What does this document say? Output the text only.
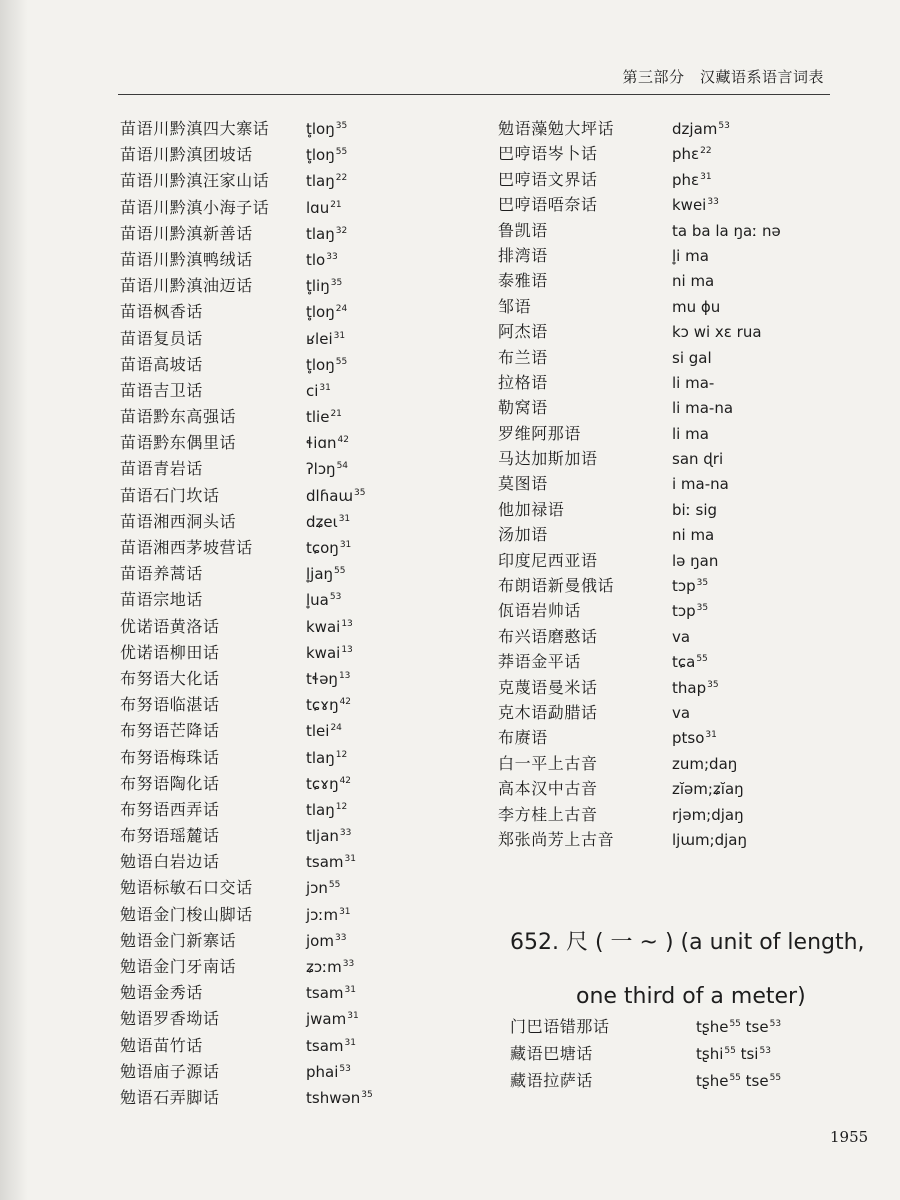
第三部分　汉藏语系语言词表
苗语川黔滇四大寨话	t̥loŋ$^{35}$
苗语川黔滇团坡话	t̥loŋ$^{55}$
苗语川黔滇汪家山话	tlaŋ$^{22}$
苗语川黔滇小海子话	lɑu$^{21}$
苗语川黔滇新善话	tlaŋ$^{32}$
苗语川黔滇鸭绒话	tlo$^{33}$
苗语川黔滇油迈话	t̥liŋ$^{35}$
苗语枫香话	t̥loŋ$^{24}$
苗语复员话	ʁlei$^{31}$
苗语高坡话	t̥loŋ$^{55}$
苗语吉卫话	$ci^{31}$
苗语黔东高强话	tlie$^{21}$
苗语黔东偶里话	ɬiɑn$^{42}$
苗语青岩话	ʔlɔŋ$^{54}$
苗语石门坎话	dlɦaɯ$^{35}$
苗语湘西洞头话	dʑeɩ$^{31}$
苗语湘西茅坡营话	tɕoŋ$^{31}$
苗语养蒿话	l̥jaŋ$^{55}$
苗语宗地话	$l̥ua^{53}$
优诺语黄洛话	kwai$^{13}$
优诺语柳田话	kwai$^{13}$
布努语大化话	tɬəŋ$^{13}$
布努语临湛话	tɕɤŋ$^{42}$
布努语芒降话	tlei$^{24}$
布努语梅珠话	tlaŋ$^{12}$
布努语陶化话	tɕɤŋ$^{42}$
布努语西弄话	tlaŋ$^{12}$
布努语瑶麓话	tljan$^{33}$
勉语白岩边话	tsam$^{31}$
勉语标敏石口交话	jɔn$^{55}$
勉语金门梭山脚话	jɔːm$^{31}$
勉语金门新寨话	jom$^{33}$
勉语金门牙南话	ʑɔːm$^{33}$
勉语金秀话	tsam$^{31}$
勉语罗香坳话	jwam$^{31}$
勉语苗竹话	tsam$^{31}$
勉语庙子源话	phai$^{53}$
勉语石弄脚话	tshwən$^{35}$
勉语藻勉大坪话	dzjam$^{53}$
巴哼语岑卜话	phɛ$^{22}$
巴哼语文界话	phɛ$^{31}$
巴哼语唔奈话	kwei$^{33}$
鲁凯语	ta ba la ŋaː nə
排湾语	l̥i ma
泰雅语	ni ma
邹语	mu ɸu
阿杰语	kɔ wi xɛ rua
布兰语	si gal
拉格语	li ma-
勒窝语	li ma-na
罗维阿那语	li ma
马达加斯加语	san ɖri
莫图语	i ma-na
他加禄语	biː sig
汤加语	ni ma
印度尼西亚语	lə ŋan
布朗语新曼俄话	tɔp$^{35}$
佤语岩帅话	tɔp$^{35}$
布兴语磨憨话	va
莽语金平话	tɕa$^{55}$
克蔑语曼米话	thap$^{35}$
克木语勐腊话	va
布赓语	ptso$^{31}$
白一平上古音	zum;daŋ
高本汉中古音	zĭəm;ʑĭaŋ
李方桂上古音	rjəm;djaŋ
郑张尚芳上古音	ljɯm;djaŋ
652. 尺 ( 一 ~ ) (a unit of length,
one third of a meter)
门巴语错那话	tʂhe$^{55}$ tse$^{53}$
藏语巴塘话	tʂhi$^{55}$ tsi$^{53}$
藏语拉萨话	tʂhe$^{55}$ tse$^{55}$
1955
